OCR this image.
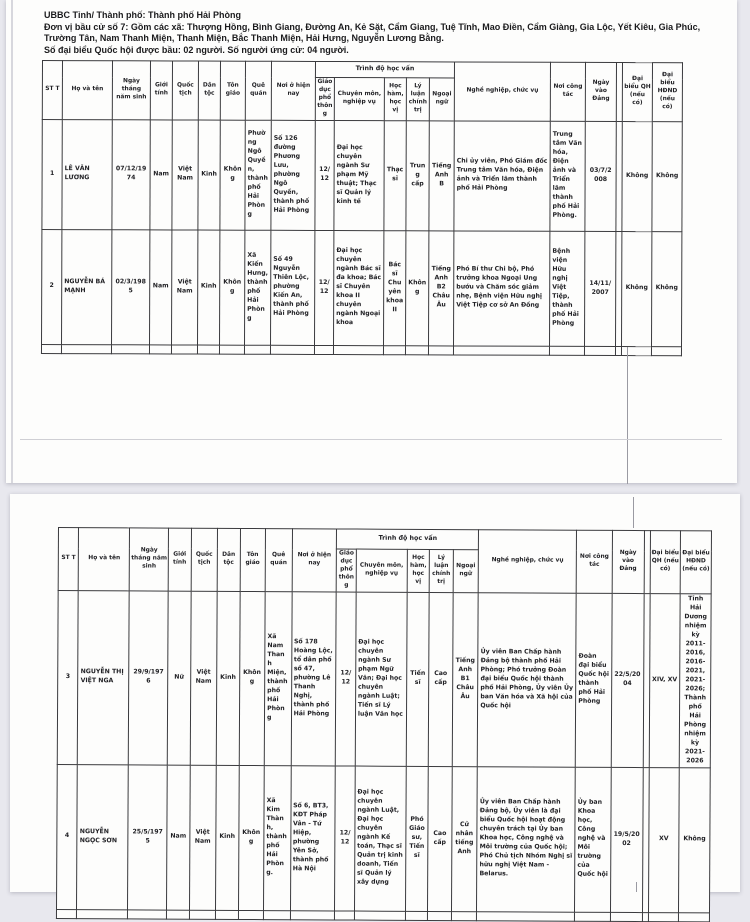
UBBC Tỉnh/ Thành phố: Thành phố Hải Phòng
Đơn vị bầu cử số 7: Gồm các xã: Thượng Hồng, Bình Giang, Đường An, Kẻ Sặt, Cẩm Giang, Tuệ Tĩnh, Mao Điền, Cẩm Giàng, Gia Lộc, Yết Kiêu, Gia Phúc, Trường Tân, Nam Thanh Miện, Thanh Miện, Bắc Thanh Miện, Hải Hưng, Nguyễn Lương Bằng.
Số đại biểu Quốc hội được bầu: 02 người. Số người ứng cử: 04 người.
ST T	Họ và tên	Ngày tháng năm sinh	Giới tính	Quốc tịch	Dân tộc	Tôn giáo	Quê quán	Nơi ở hiện nay	Trình độ học vấn					Nghề nghiệp, chức vụ	Nơi công tác	Ngày vào Đảng		Đại biểu QH (nếu có)	Đại biểu HĐND (nếu có)
									Giáo dục phổ thông	Chuyên môn, nghiệp vụ	Học hàm, học vị	Lý luận chính trị	Ngoại ngữ						
1	LÊ VĂN LƯƠNG	07/12/1974	Nam	Việt Nam	Kinh	Không	Phường Ngô Quyền, thành phố Hải Phòng	Số 126 đường Phương Lưu, phường Ngô Quyền, thành phố Hải Phòng	12/12	Đại học chuyên ngành Sư phạm Mỹ thuật; Thạc sĩ Quản lý kinh tế	Thạc sĩ	Trung cấp	Tiếng Anh B	Chi ủy viên, Phó Giám đốc Trung tâm Văn hóa, Điện ảnh và Triển lãm thành phố Hải Phòng	Trung tâm Văn hóa, Điện ảnh và Triển lãm thành phố Hải Phòng.	03/7/2008		Không	Không
2	NGUYỄN BÁ MẠNH	02/3/1985	Nam	Việt Nam	Kinh	Không	Xã Kiến Hưng, thành phố Hải Phòng	Số 49 Nguyễn Thiên Lộc, phường Kiến An, thành phố Hải Phòng	12/12	Đại học chuyên ngành Bác sĩ đa khoa; Bác sĩ Chuyên khoa II chuyên ngành Ngoại khoa	Bác sĩ Chuyên khoa II	Không	Tiếng Anh B2 Châu Âu	Phó Bí thư Chi bộ, Phó trưởng khoa Ngoại Ung bướu và Chăm sóc giảm nhẹ, Bệnh viện Hữu nghị Việt Tiệp cơ sở An Đồng	Bệnh viện Hữu nghị Việt Tiệp, thành phố Hải Phòng	14/11/2007		Không	Không

ST T	Họ và tên	Ngày tháng năm sinh	Giới tính	Quốc tịch	Dân tộc	Tôn giáo	Quê quán	Nơi ở hiện nay	Trình độ học vấn					Nghề nghiệp, chức vụ	Nơi công tác	Ngày vào Đảng		Đại biểu QH (nếu có)	Đại biểu HĐND (nếu có)
									Giáo dục phổ thông	Chuyên môn, nghiệp vụ	Học hàm, học vị	Lý luận chính trị	Ngoại ngữ						
3	NGUYỄN THỊ VIỆT NGA	29/9/1976	Nữ	Việt Nam	Kinh	Không	Xã Nam Thanh Miện, thành phố Hải Phòng	Số 178 Hoàng Lộc, tổ dân phố số 47, phường Lê Thanh Nghị, thành phố Hải Phòng	12/12	Đại học chuyên ngành Sư phạm Ngữ Văn; Đại học chuyên ngành Luật; Tiến sĩ Lý luận Văn học	Tiến sĩ	Cao cấp	Tiếng Anh B1 Châu Âu	Ủy viên Ban Chấp hành Đảng bộ thành phố Hải Phòng; Phó trưởng Đoàn đại biểu Quốc hội thành phố Hải Phòng, Ủy viên Ủy ban Văn hóa và Xã hội của Quốc hội	Đoàn đại biểu Quốc hội thành phố Hải Phòng	22/5/2004		XIV, XV	Tỉnh Hải Dương nhiệm kỳ 2011-2016, 2016-2021, 2021-2026; Thành phố Hải Phòng nhiệm kỳ 2021-2026
4	NGUYỄN NGỌC SƠN	25/5/1975	Nam	Việt Nam	Kinh	Không	Xã Kim Thành, thành phố Hải Phòng.	Số 6, BT3, KĐT Pháp Vân - Tứ Hiệp, phường Yên Sở, thành phố Hà Nội	12/12	Đại học chuyên ngành Luật, Đại học chuyên ngành Kế toán, Thạc sĩ Quản trị kinh doanh, Tiến sĩ Quản lý xây dựng	Phó Giáo sư, Tiến sĩ	Cao cấp	Cử nhân tiếng Anh	Ủy viên Ban Chấp hành Đảng bộ, Ủy viên là đại biểu Quốc hội hoạt động chuyên trách tại Ủy ban Khoa học, Công nghệ và Môi trường của Quốc hội; Phó Chủ tịch Nhóm Nghị sĩ hữu nghị Việt Nam - Belarus.	Ủy ban Khoa học, Công nghệ và Môi trường của Quốc hội	19/5/2002		XV	Không
